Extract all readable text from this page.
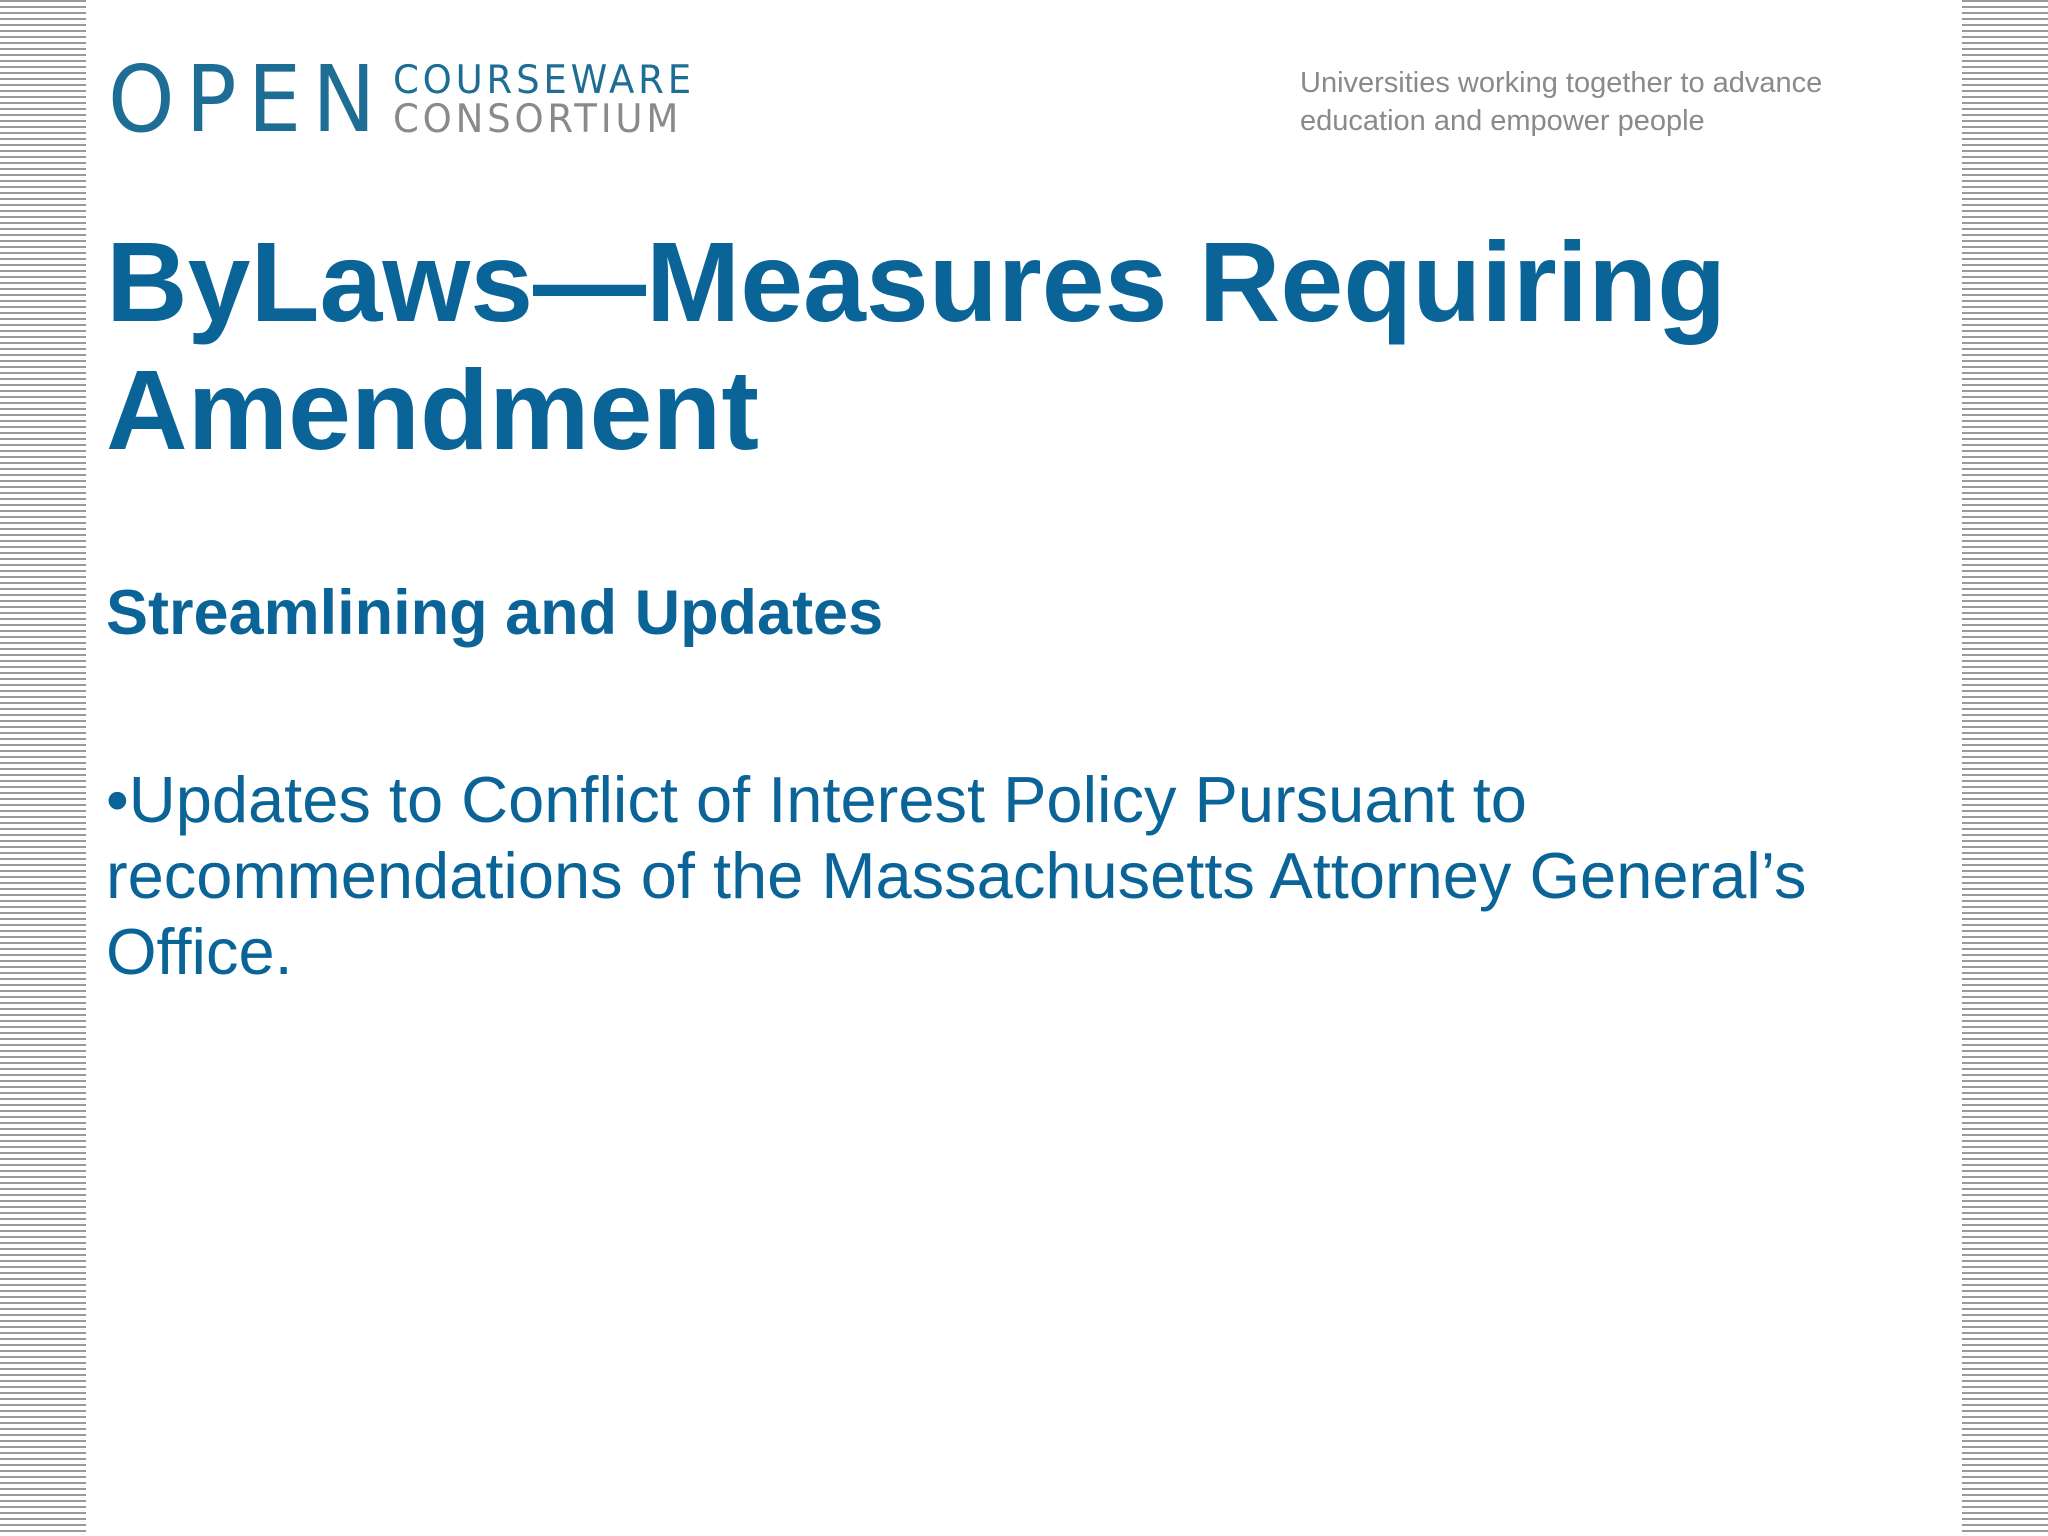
OPEN COURSEWARE
CONSORTIUM
Universities working together to advance
education and empower people
ByLaws—Measures Requiring
Amendment
Streamlining and Updates
•Updates to Conflict of Interest Policy Pursuant to
recommendations of the Massachusetts Attorney General’s
Office.
